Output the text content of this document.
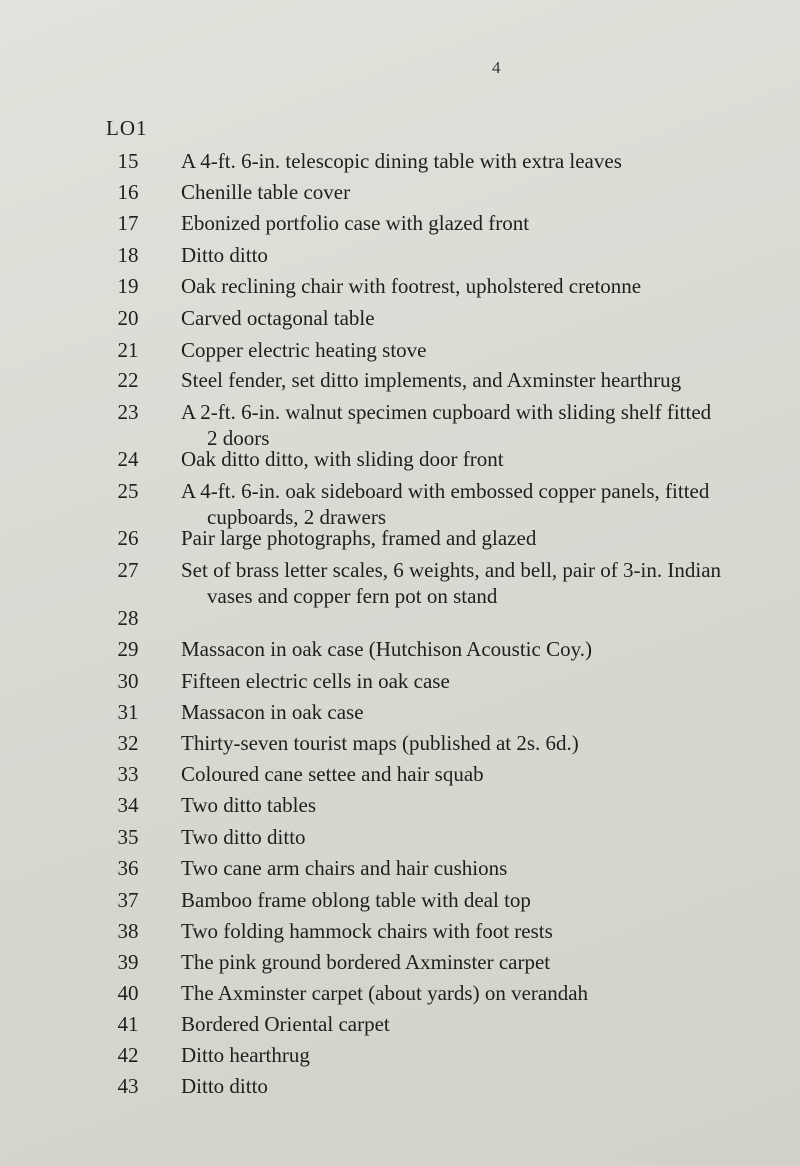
4
LO1
15	A 4-ft. 6-in. telescopic dining table with extra leaves
16	Chenille table cover
17	Ebonized portfolio case with glazed front
18	Ditto ditto
19	Oak reclining chair with footrest, upholstered cretonne
20	Carved octagonal table
21	Copper electric heating stove
22	Steel fender, set ditto implements, and Axminster hearthrug
23	A 2-ft. 6-in. walnut specimen cupboard with sliding shelf fitted
2 doors
24	Oak ditto ditto, with sliding door front
25	A 4-ft. 6-in. oak sideboard with embossed copper panels, fitted
cupboards, 2 drawers
26	Pair large photographs, framed and glazed
27	Set of brass letter scales, 6 weights, and bell, pair of 3-in. Indian
vases and copper fern pot on stand
28
29	Massacon in oak case (Hutchison Acoustic Coy.)
30	Fifteen electric cells in oak case
31	Massacon in oak case
32	Thirty-seven tourist maps (published at 2s. 6d.)
33	Coloured cane settee and hair squab
34	Two ditto tables
35	Two ditto ditto
36	Two cane arm chairs and hair cushions
37	Bamboo frame oblong table with deal top
38	Two folding hammock chairs with foot rests
39	The pink ground bordered Axminster carpet
40	The Axminster carpet (about yards) on verandah
41	Bordered Oriental carpet
42	Ditto hearthrug
43	Ditto ditto
